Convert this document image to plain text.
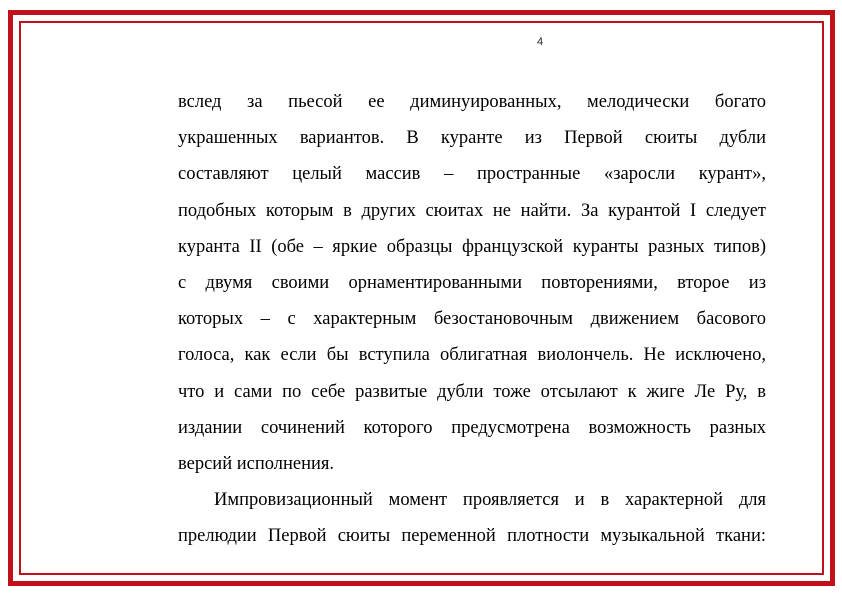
4
вслед за пьесой ее диминуированных, мелодически богато
украшенных вариантов. В куранте из Первой сюиты дубли
составляют целый массив – пространные «заросли курант»,
подобных которым в других сюитах не найти. За курантой I следует
куранта II (обе – яркие образцы французской куранты разных типов)
с двумя своими орнаментированными повторениями, второе из
которых – с характерным безостановочным движением басового
голоса, как если бы вступила облигатная виолончель. Не исключено,
что и сами по себе развитые дубли тоже отсылают к жиге Ле Ру, в
издании сочинений которого предусмотрена возможность разных
версий исполнения.
Импровизационный момент проявляется и в характерной для
прелюдии Первой сюиты переменной плотности музыкальной ткани:
